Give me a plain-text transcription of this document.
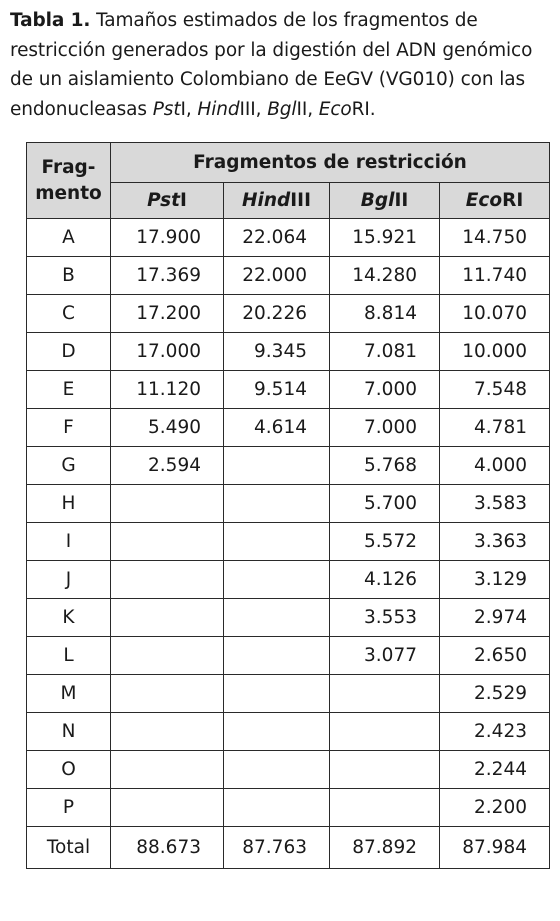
Tabla 1. Tamaños estimados de los fragmentos de restricción generados por la digestión del ADN genómico de un aislamiento Colombiano de EeGV (VG010) con las endonucleasas PstI, HindIII, BglII, EcoRI.
Frag-
mento	Fragmentos de restricción			
	PstI	HindIII	BglII	EcoRI
A	17.900	22.064	15.921	14.750
B	17.369	22.000	14.280	11.740
C	17.200	20.226	8.814	10.070
D	17.000	9.345	7.081	10.000
E	11.120	9.514	7.000	7.548
F	5.490	4.614	7.000	4.781
G	2.594		5.768	4.000
H			5.700	3.583
I			5.572	3.363
J			4.126	3.129
K			3.553	2.974
L			3.077	2.650
M				2.529
N				2.423
O				2.244
P				2.200
Total	88.673	87.763	87.892	87.984
